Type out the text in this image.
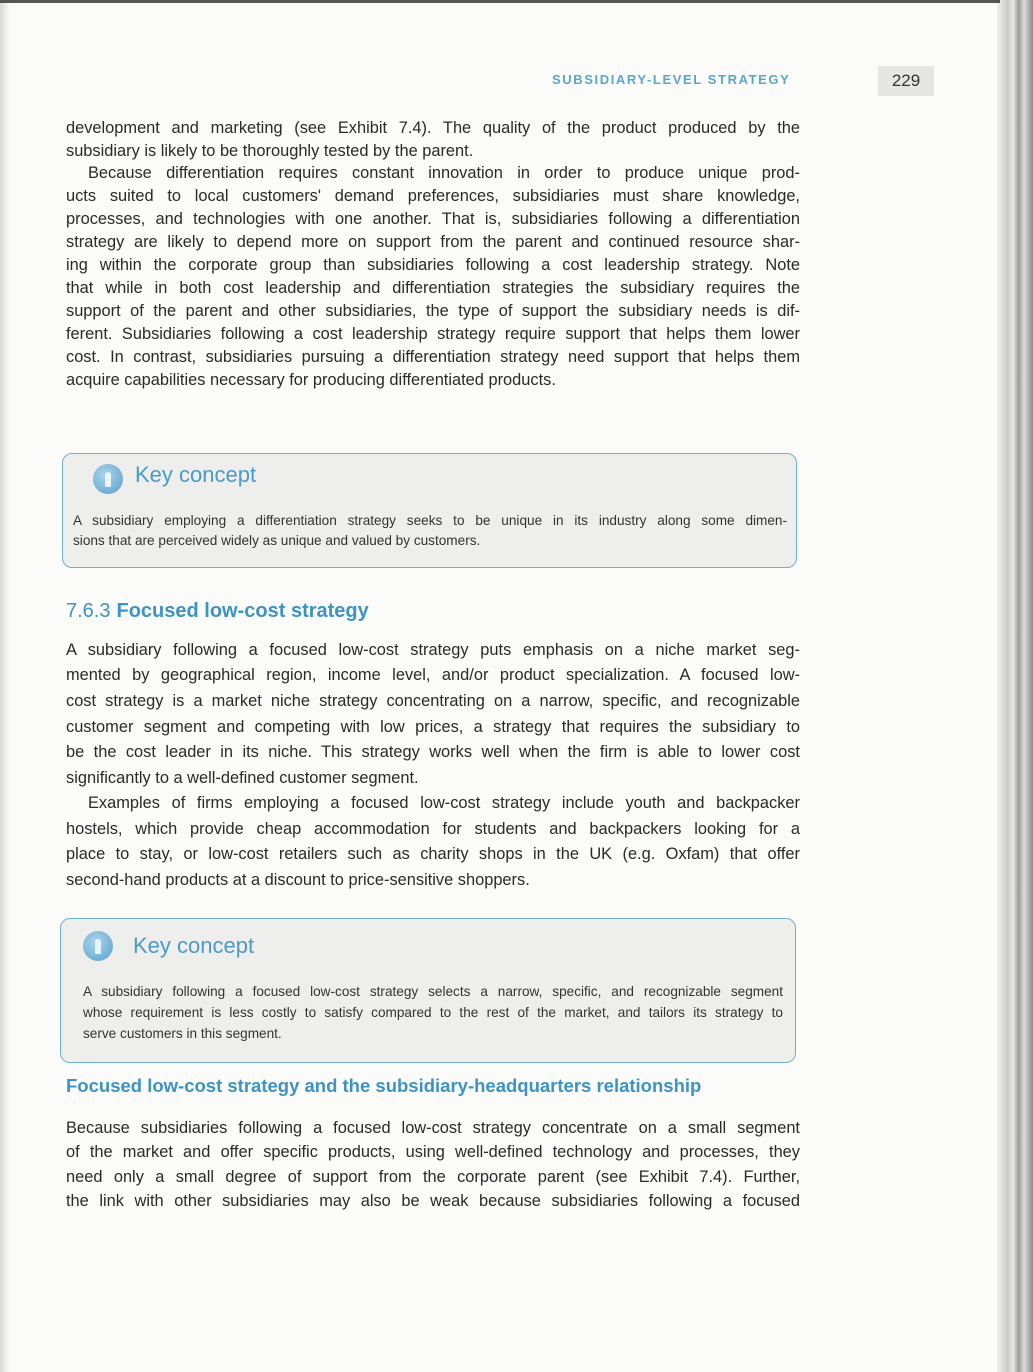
SUBSIDIARY-LEVEL STRATEGY	229
development and marketing (see Exhibit 7.4). The quality of the product produced by the
subsidiary is likely to be thoroughly tested by the parent.
Because differentiation requires constant innovation in order to produce unique prod-
ucts suited to local customers' demand preferences, subsidiaries must share knowledge,
processes, and technologies with one another. That is, subsidiaries following a differentiation
strategy are likely to depend more on support from the parent and continued resource shar-
ing within the corporate group than subsidiaries following a cost leadership strategy. Note
that while in both cost leadership and differentiation strategies the subsidiary requires the
support of the parent and other subsidiaries, the type of support the subsidiary needs is dif-
ferent. Subsidiaries following a cost leadership strategy require support that helps them lower
cost. In contrast, subsidiaries pursuing a differentiation strategy need support that helps them
acquire capabilities necessary for producing differentiated products.
A subsidiary following a focused low-cost strategy puts emphasis on a niche market seg-
mented by geographical region, income level, and/or product specialization. A focused low-
cost strategy is a market niche strategy concentrating on a narrow, specific, and recognizable
customer segment and competing with low prices, a strategy that requires the subsidiary to
be the cost leader in its niche. This strategy works well when the firm is able to lower cost
significantly to a well-defined customer segment.
Examples of firms employing a focused low-cost strategy include youth and backpacker
hostels, which provide cheap accommodation for students and backpackers looking for a
place to stay, or low-cost retailers such as charity shops in the UK (e.g. Oxfam) that offer
second-hand products at a discount to price-sensitive shoppers.
Because subsidiaries following a focused low-cost strategy concentrate on a small segment
of the market and offer specific products, using well-defined technology and processes, they
need only a small degree of support from the corporate parent (see Exhibit 7.4). Further,
the link with other subsidiaries may also be weak because subsidiaries following a focused
Key concept
A subsidiary employing a differentiation strategy seeks to be unique in its industry along some dimen-
sions that are perceived widely as unique and valued by customers.
7.6.3 Focused low-cost strategy
Key concept
A subsidiary following a focused low-cost strategy selects a narrow, specific, and recognizable segment
whose requirement is less costly to satisfy compared to the rest of the market, and tailors its strategy to
serve customers in this segment.
Focused low-cost strategy and the subsidiary-headquarters relationship
